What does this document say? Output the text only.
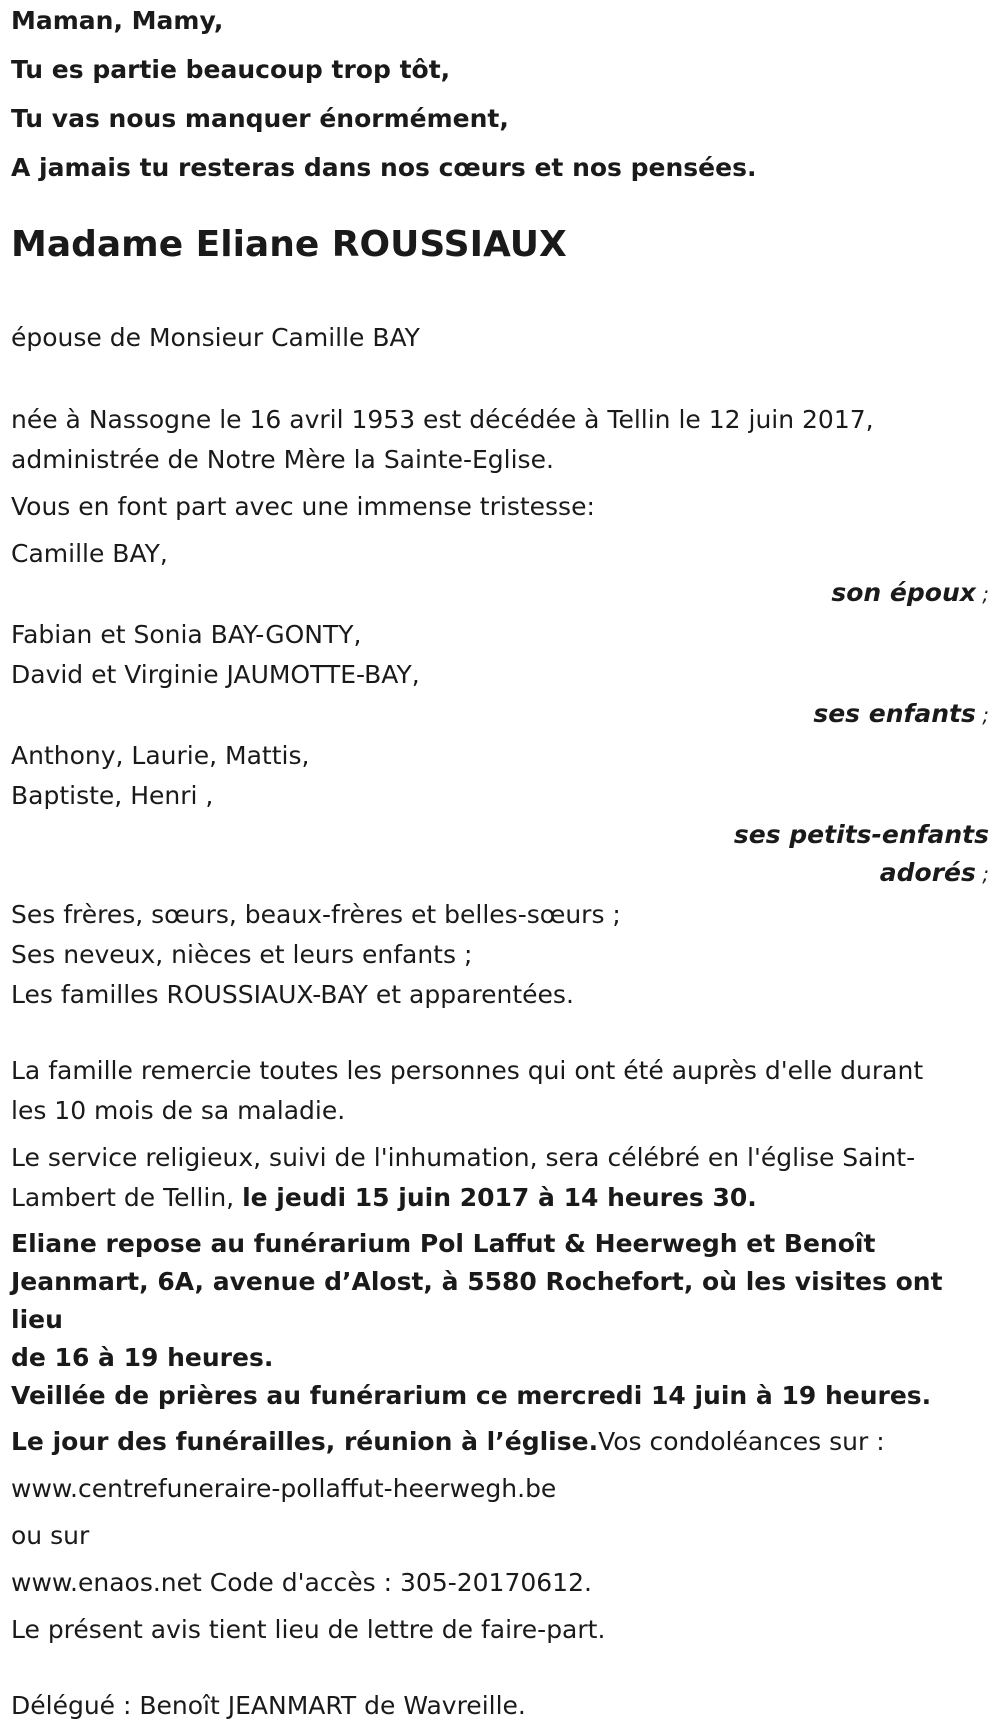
Maman, Mamy,

Tu es partie beaucoup trop tôt,

Tu vas nous manquer énormément,

A jamais tu resteras dans nos cœurs et nos pensées.

Madame Eliane ROUSSIAUX

épouse de Monsieur Camille BAY

née à Nassogne le 16 avril 1953 est décédée à Tellin le 12 juin 2017,

administrée de Notre Mère la Sainte-Eglise.

Vous en font part avec une immense tristesse:

Camille BAY,

son époux ;

Fabian et Sonia BAY-GONTY,

David et Virginie JAUMOTTE-BAY,

ses enfants ;

Anthony, Laurie, Mattis,

Baptiste, Henri ,

ses petits-enfants
adorés ;

Ses frères, sœurs, beaux-frères et belles-sœurs ;

Ses neveux, nièces et leurs enfants ;

Les familles ROUSSIAUX-BAY et apparentées.

La famille remercie toutes les personnes qui ont été auprès d'elle durant

les 10 mois de sa maladie.

Le service religieux, suivi de l'inhumation, sera célébré en l'église Saint-

Lambert de Tellin, le jeudi 15 juin 2017 à 14 heures 30.

Eliane repose au funérarium Pol Laffut & Heerwegh et Benoît

Jeanmart, 6A, avenue d’Alost, à 5580 Rochefort, où les visites ont lieu

de 16 à 19 heures.

Veillée de prières au funérarium ce mercredi 14 juin à 19 heures.

Le jour des funérailles, réunion à l’église.Vos condoléances sur :

www.centrefuneraire-pollaffut-heerwegh.be

ou sur

www.enaos.net Code d'accès : 305-20170612.

Le présent avis tient lieu de lettre de faire-part.

Délégué : Benoît JEANMART de Wavreille.
